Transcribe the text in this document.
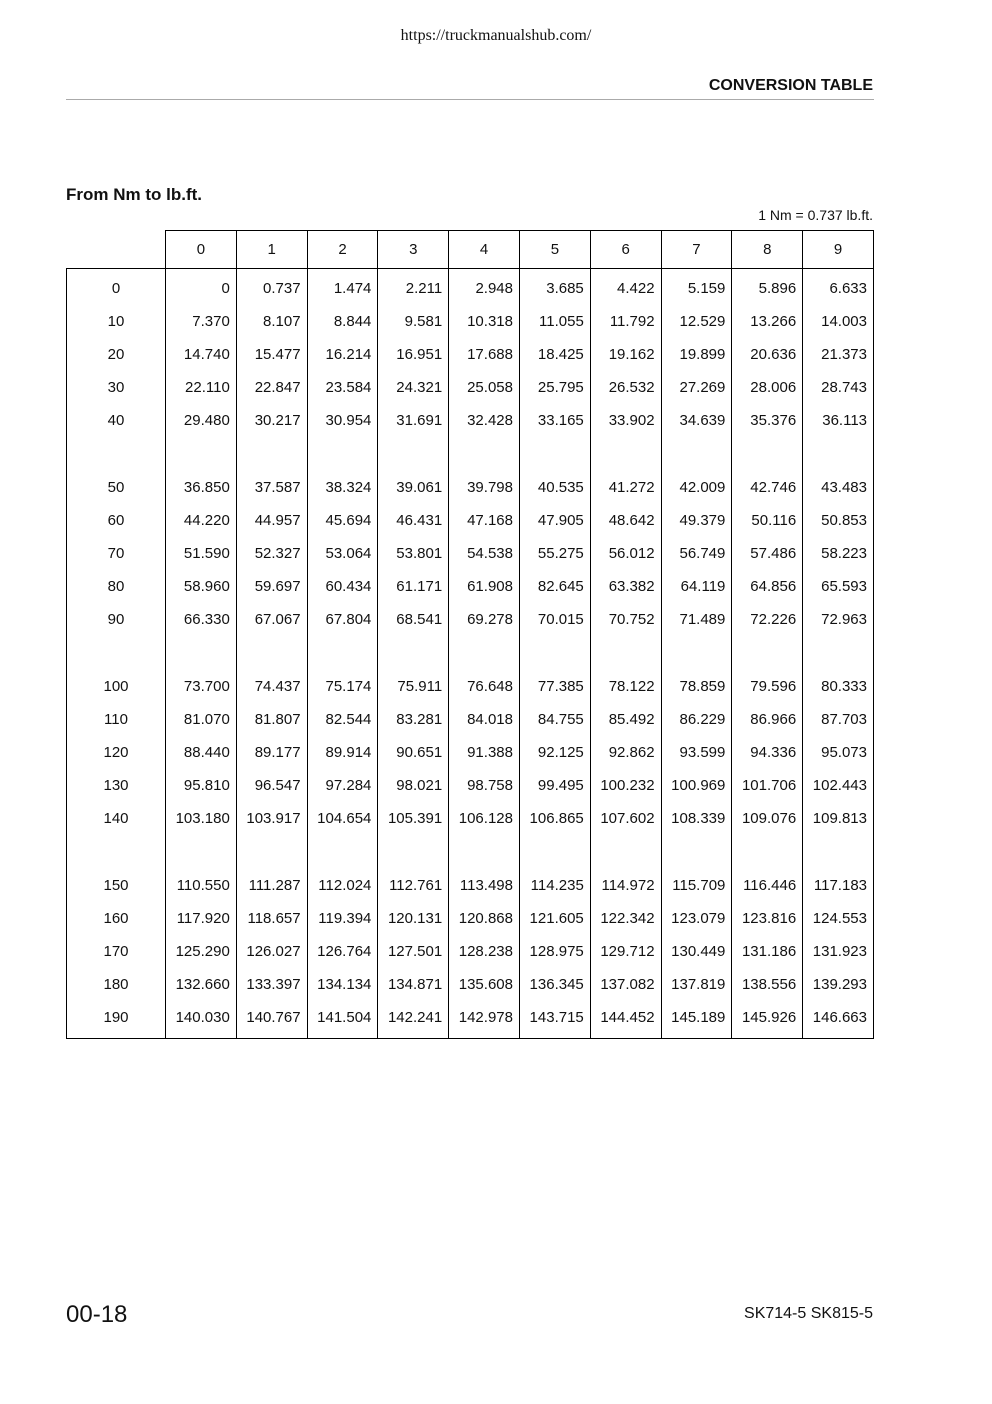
https://truckmanualshub.com/
CONVERSION TABLE
From Nm to lb.ft.
1 Nm = 0.737 lb.ft.
	0	1	2	3	4	5	6	7	8	9
0	0	0.737	1.474	2.211	2.948	3.685	4.422	5.159	5.896	6.633
10	7.370	8.107	8.844	9.581	10.318	11.055	11.792	12.529	13.266	14.003
20	14.740	15.477	16.214	16.951	17.688	18.425	19.162	19.899	20.636	21.373
30	22.110	22.847	23.584	24.321	25.058	25.795	26.532	27.269	28.006	28.743
40	29.480	30.217	30.954	31.691	32.428	33.165	33.902	34.639	35.376	36.113

50	36.850	37.587	38.324	39.061	39.798	40.535	41.272	42.009	42.746	43.483
60	44.220	44.957	45.694	46.431	47.168	47.905	48.642	49.379	50.116	50.853
70	51.590	52.327	53.064	53.801	54.538	55.275	56.012	56.749	57.486	58.223
80	58.960	59.697	60.434	61.171	61.908	82.645	63.382	64.119	64.856	65.593
90	66.330	67.067	67.804	68.541	69.278	70.015	70.752	71.489	72.226	72.963

100	73.700	74.437	75.174	75.911	76.648	77.385	78.122	78.859	79.596	80.333
110	81.070	81.807	82.544	83.281	84.018	84.755	85.492	86.229	86.966	87.703
120	88.440	89.177	89.914	90.651	91.388	92.125	92.862	93.599	94.336	95.073
130	95.810	96.547	97.284	98.021	98.758	99.495	100.232	100.969	101.706	102.443
140	103.180	103.917	104.654	105.391	106.128	106.865	107.602	108.339	109.076	109.813

150	110.550	111.287	112.024	112.761	113.498	114.235	114.972	115.709	116.446	117.183
160	117.920	118.657	119.394	120.131	120.868	121.605	122.342	123.079	123.816	124.553
170	125.290	126.027	126.764	127.501	128.238	128.975	129.712	130.449	131.186	131.923
180	132.660	133.397	134.134	134.871	135.608	136.345	137.082	137.819	138.556	139.293
190	140.030	140.767	141.504	142.241	142.978	143.715	144.452	145.189	145.926	146.663
00-18	SK714-5 SK815-5
